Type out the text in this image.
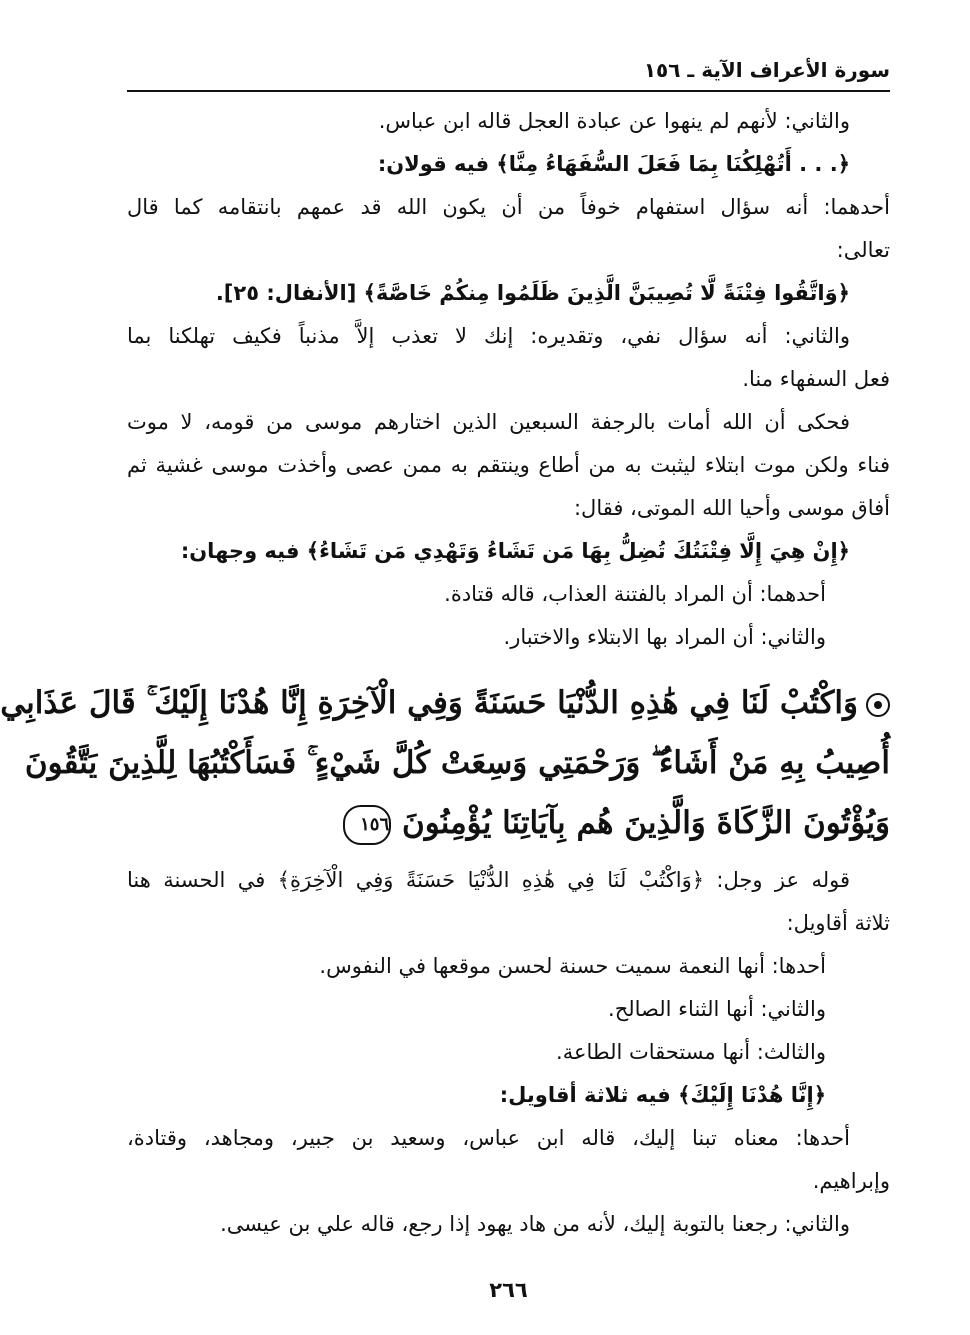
سورة الأعراف الآية ـ ١٥٦
والثاني: لأنهم لم ينهوا عن عبادة العجل قاله ابن عباس.
﴿. . . أَتُهْلِكُنَا بِمَا فَعَلَ السُّفَهَاءُ مِنَّا﴾ فيه قولان:
أحدهما: أنه سؤال استفهام خوفاً من أن يكون الله قد عمهم بانتقامه كما قال
تعالى:
﴿وَاتَّقُوا فِتْنَةً لَّا تُصِيبَنَّ الَّذِينَ ظَلَمُوا مِنكُمْ خَاصَّةً﴾ [الأنفال: ٢٥].
والثاني: أنه سؤال نفي، وتقديره: إنك لا تعذب إلاَّ مذنباً فكيف تهلكنا بما
فعل السفهاء منا.
فحكى أن الله أمات بالرجفة السبعين الذين اختارهم موسى من قومه، لا موت
فناء ولكن موت ابتلاء ليثبت به من أطاع وينتقم به ممن عصى وأخذت موسى غشية ثم
أفاق موسى وأحيا الله الموتى، فقال:
﴿إِنْ هِيَ إِلَّا فِتْنَتُكَ تُضِلُّ بِهَا مَن تَشَاءُ وَتَهْدِي مَن تَشَاءُ﴾ فيه وجهان:
أحدهما: أن المراد بالفتنة العذاب، قاله قتادة.
والثاني: أن المراد بها الابتلاء والاختبار.
وَاكْتُبْ لَنَا فِي هَٰذِهِ الدُّنْيَا حَسَنَةً وَفِي الْآخِرَةِ إِنَّا هُدْنَا إِلَيْكَ ۚ قَالَ عَذَابِي
أُصِيبُ بِهِ مَنْ أَشَاءُ ۖ وَرَحْمَتِي وَسِعَتْ كُلَّ شَيْءٍ ۚ فَسَأَكْتُبُهَا لِلَّذِينَ يَتَّقُونَ
وَيُؤْتُونَ الزَّكَاةَ وَالَّذِينَ هُم بِآيَاتِنَا يُؤْمِنُونَ ١٥٦
قوله عز وجل: ﴿وَاكْتُبْ لَنَا فِي هَٰذِهِ الدُّنْيَا حَسَنَةً وَفِي الْآخِرَةِ﴾ في الحسنة هنا
ثلاثة أقاويل:
أحدها: أنها النعمة سميت حسنة لحسن موقعها في النفوس.
والثاني: أنها الثناء الصالح.
والثالث: أنها مستحقات الطاعة.
﴿إِنَّا هُدْنَا إِلَيْكَ﴾ فيه ثلاثة أقاويل:
أحدها: معناه تبنا إليك، قاله ابن عباس، وسعيد بن جبير، ومجاهد، وقتادة،
وإبراهيم.
والثاني: رجعنا بالتوبة إليك، لأنه من هاد يهود إذا رجع، قاله علي بن عيسى.
٢٦٦
